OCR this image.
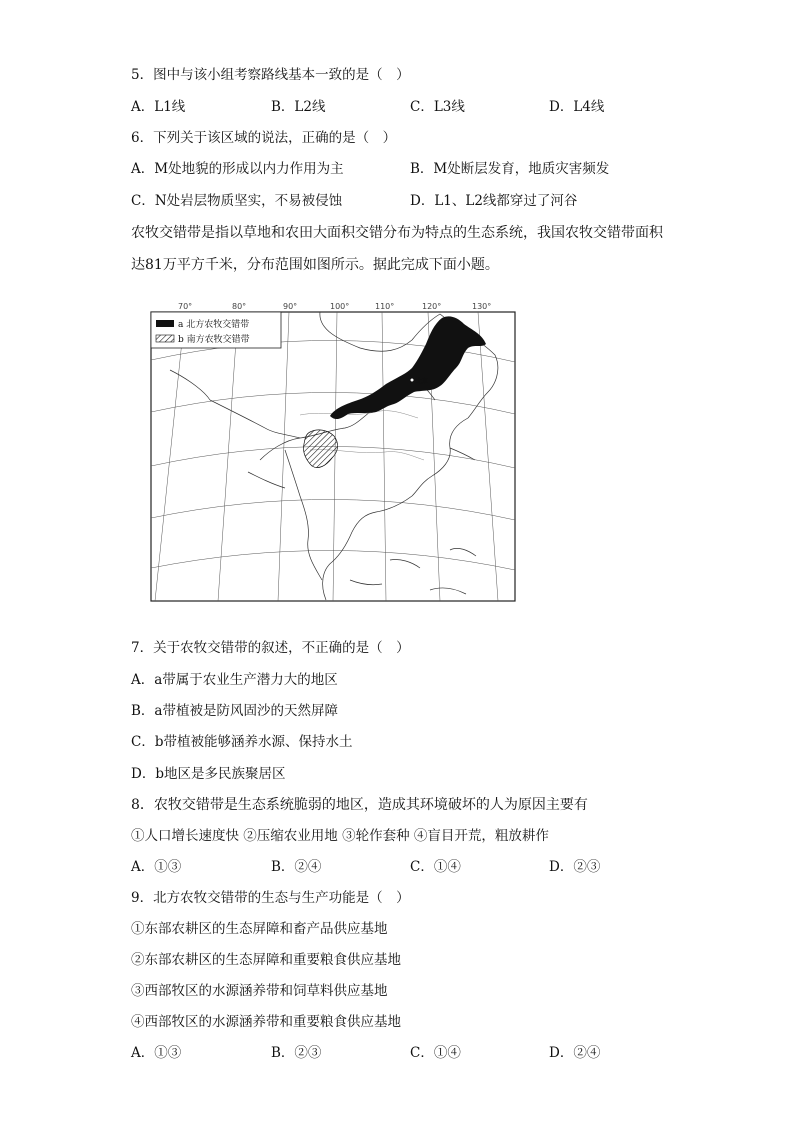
5．图中与该小组考察路线基本一致的是（　）
A．L1线	B．L2线	C．L3线	D．L4线
6．下列关于该区域的说法，正确的是（　）
A．M处地貌的形成以内力作用为主	B．M处断层发育，地质灾害频发
C．N处岩层物质坚实，不易被侵蚀	D．L1、L2线都穿过了河谷
农牧交错带是指以草地和农田大面积交错分布为特点的生态系统，我国农牧交错带面积
达81万平方千米，分布范围如图所示。据此完成下面小题。
70°	80°	90°	100°	110°	120°	130°
北京
a 北方农牧交错带
b 南方农牧交错带
7．关于农牧交错带的叙述，不正确的是（　）
A．a带属于农业生产潜力大的地区
B．a带植被是防风固沙的天然屏障
C．b带植被能够涵养水源、保持水土
D．b地区是多民族聚居区
8．农牧交错带是生态系统脆弱的地区，造成其环境破坏的人为原因主要有
①人口增长速度快 ②压缩农业用地 ③轮作套种 ④盲目开荒，粗放耕作
A．①③	B．②④	C．①④	D．②③
9．北方农牧交错带的生态与生产功能是（　）
①东部农耕区的生态屏障和畜产品供应基地
②东部农耕区的生态屏障和重要粮食供应基地
③西部牧区的水源涵养带和饲草料供应基地
④西部牧区的水源涵养带和重要粮食供应基地
A．①③	B．②③	C．①④	D．②④
